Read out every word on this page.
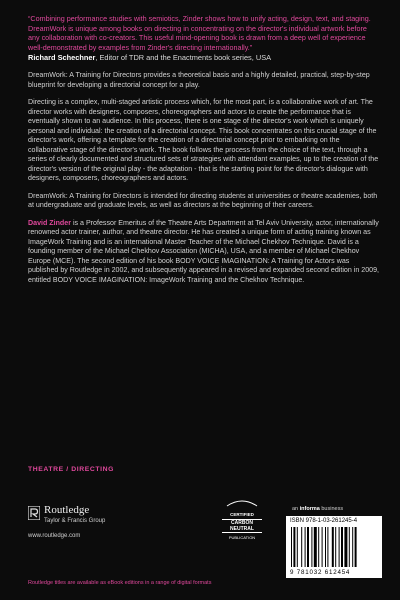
“Combining performance studies with semiotics, Zinder shows how to unify acting, design, text, and staging. DreamWork is unique among books on directing in concentrating on the director's individual artwork before any collaboration with co-creators. This useful mind-opening book is drawn from a deep well of experience well-demonstrated by examples from Zinder's directing internationally.”

Richard Schechner, Editor of TDR and the Enactments book series, USA

DreamWork: A Training for Directors provides a theoretical basis and a highly detailed, practical, step-by-step blueprint for developing a directorial concept for a play.

Directing is a complex, multi-staged artistic process which, for the most part, is a collaborative work of art. The director works with designers, composers, choreographers and actors to create the performance that is eventually shown to an audience. In this process, there is one stage of the director's work which is uniquely personal and individual: the creation of a directorial concept. This book concentrates on this crucial stage of the director's work, offering a template for the creation of a directorial concept prior to embarking on the collaborative stage of the director's work. The book follows the process from the choice of the text, through a series of clearly documented and structured sets of strategies with attendant examples, up to the creation of the director's version of the original play - the adaptation - that is the starting point for the director's dialogue with designers, composers, choreographers and actors.

DreamWork: A Training for Directors is intended for directing students at universities or theatre academies, both at undergraduate and graduate levels, as well as directors at the beginning of their careers.

David Zinder is a Professor Emeritus of the Theatre Arts Department at Tel Aviv University, actor, internationally renowned actor trainer, author, and theatre director. He has created a unique form of acting training known as ImageWork Training and is an international Master Teacher of the Michael Chekhov Technique. David is a founding member of the Michael Chekhov Association (MICHA), USA, and a member of Michael Chekhov Europe (MCE). The second edition of his book BODY VOICE IMAGINATION: A Training for Actors was published by Routledge in 2002, and subsequently appeared in a revised and expanded second edition in 2009, entitled BODY VOICE IMAGINATION: ImageWork Training and the Chekhov Technique.

THEATRE / DIRECTING
Routledge
Taylor & Francis Group
www.routledge.com
CERTIFIED
CARBON NEUTRAL
PUBLICATION
an informa business
ISBN 978-1-03-261245-4
9 781032 612454
Routledge titles are available as eBook editions in a range of digital formats
